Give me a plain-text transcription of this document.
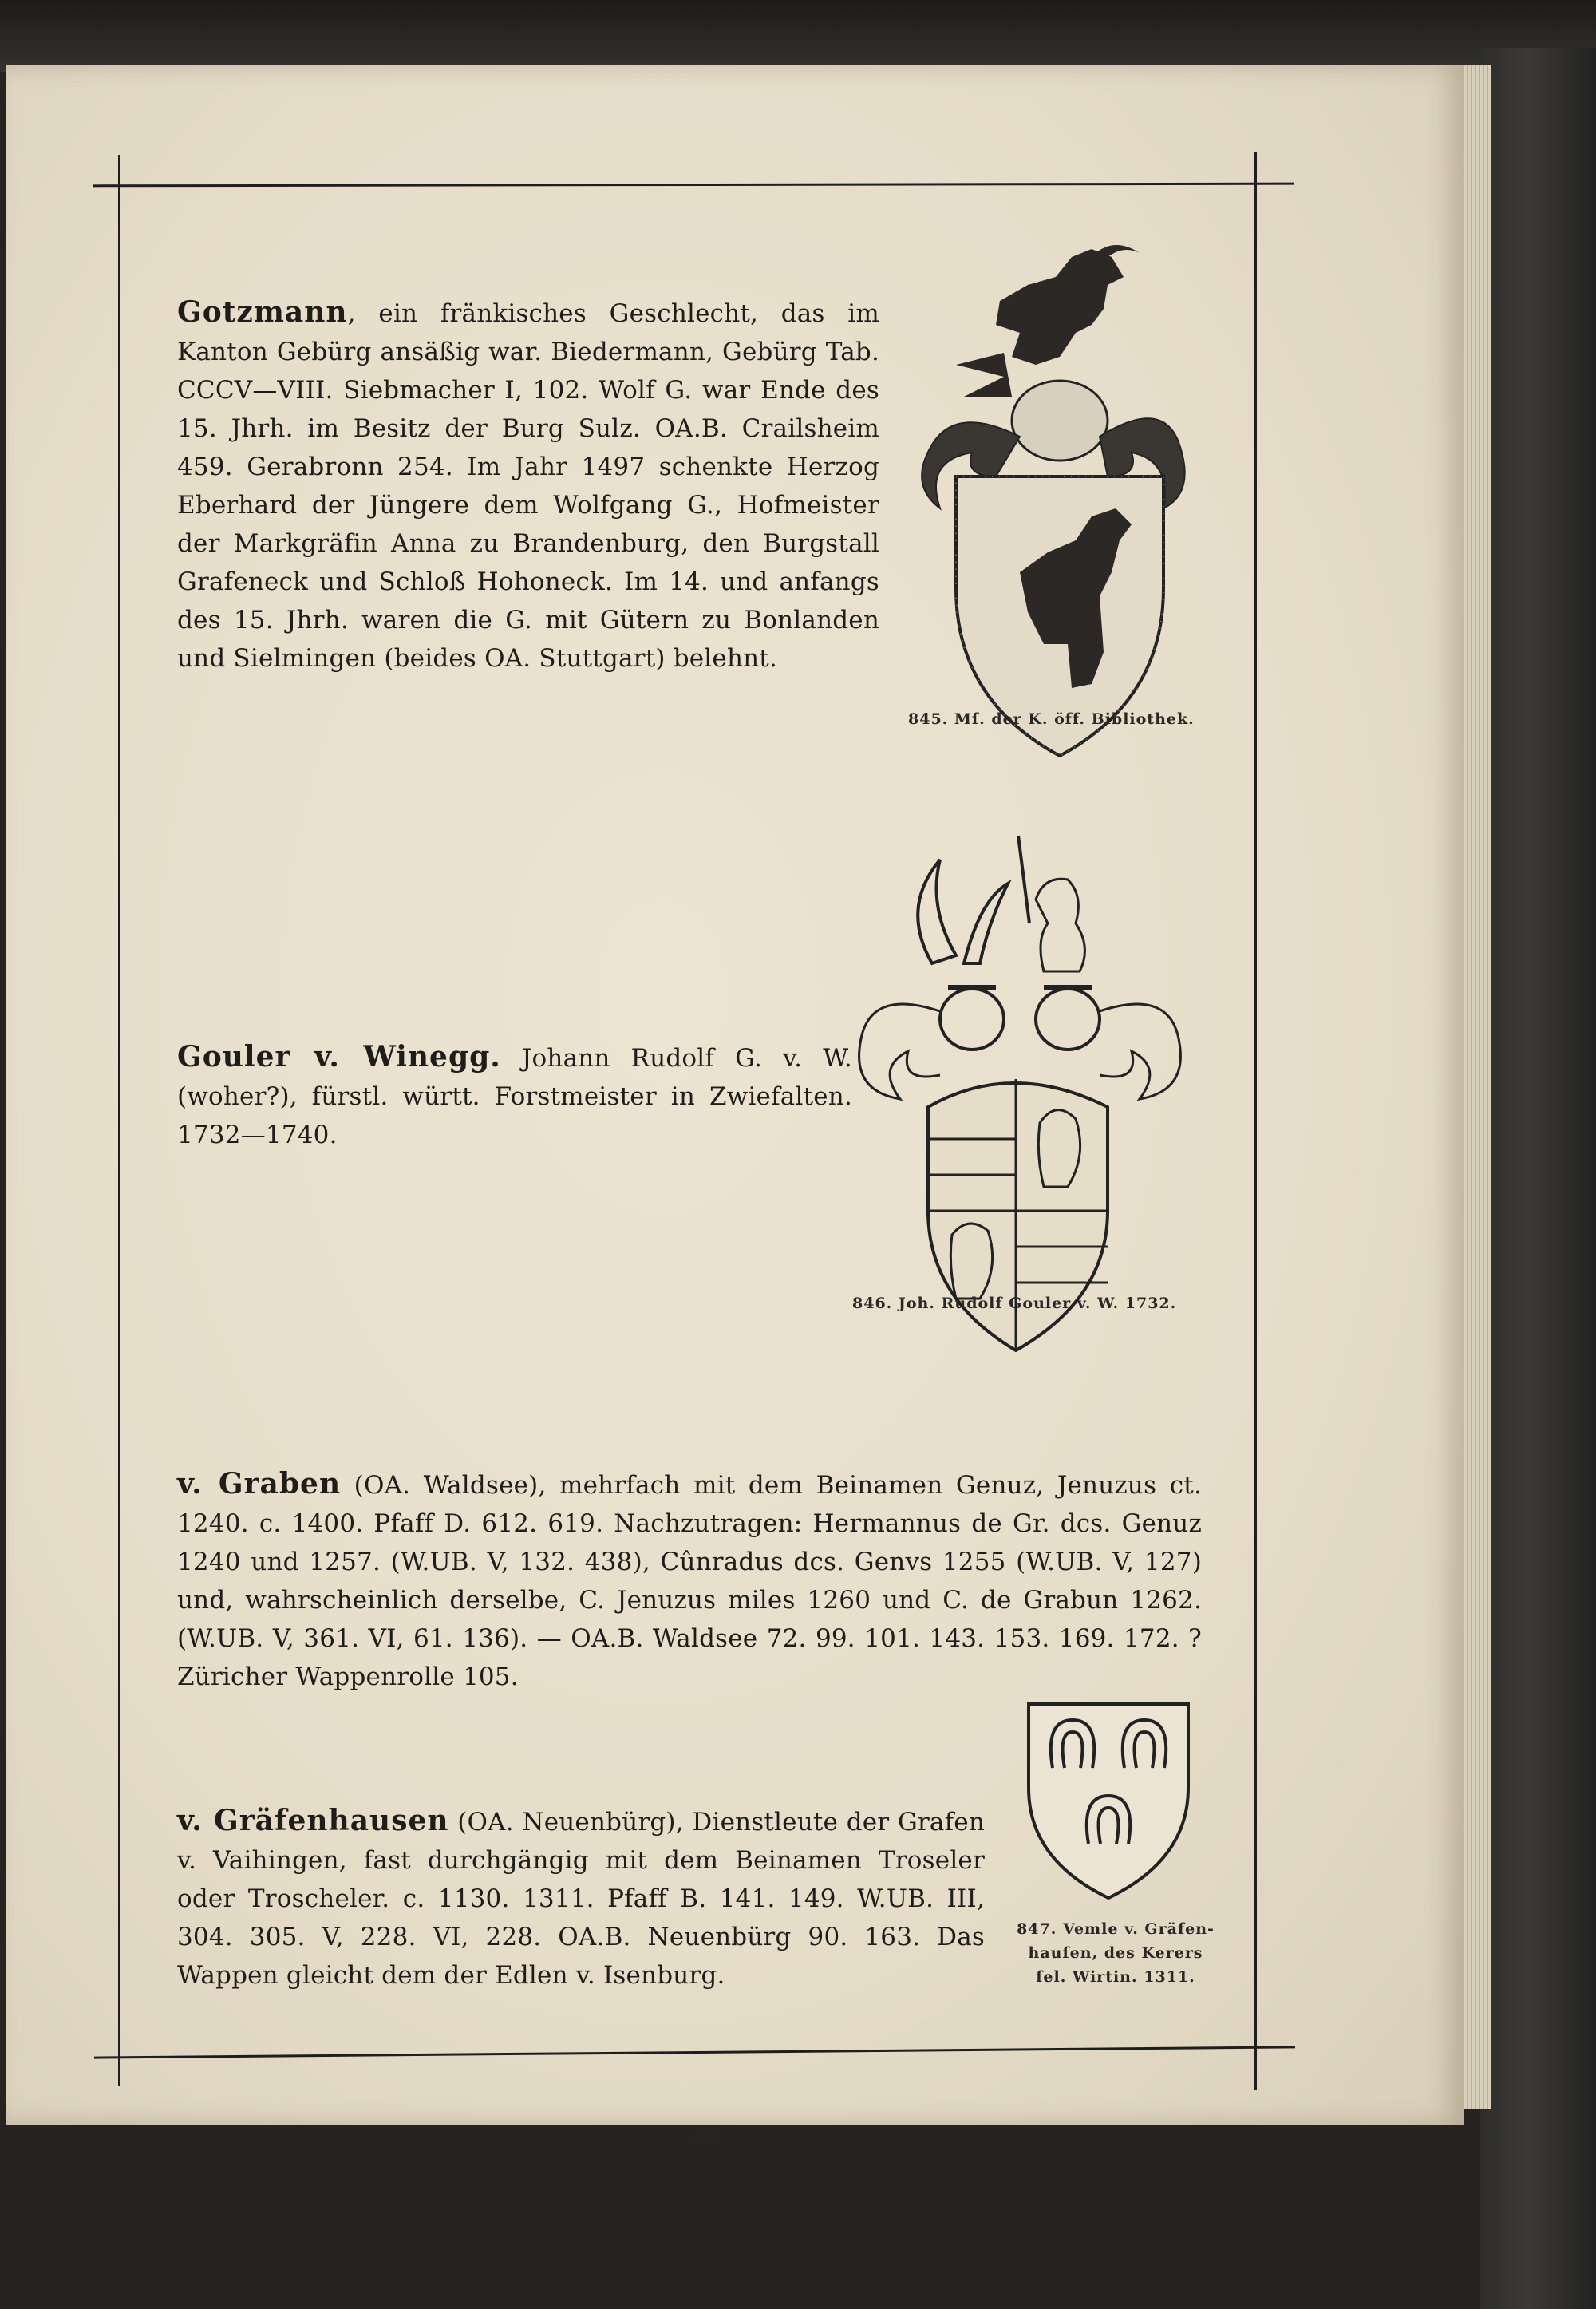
Gotzmann, ein fränkisches Geschlecht, das im Kanton Gebürg ansäßig war. Biedermann, Gebürg Tab. CCCV—VIII. Siebmacher I, 102. Wolf G. war Ende des 15. Jhrh. im Besitz der Burg Sulz. OA.B. Crailsheim 459. Gerabronn 254. Im Jahr 1497 schenkte Herzog Eberhard der Jüngere dem Wolfgang G., Hofmeister der Markgräfin Anna zu Brandenburg, den Burgstall Grafeneck und Schloß Hohoneck. Im 14. und anfangs des 15. Jhrh. waren die G. mit Gütern zu Bonlanden und Sielmingen (beides OA. Stuttgart) belehnt.
845. Mſ. der K. öff. Bibliothek.
Gouler v. Winegg. Johann Rudolf G. v. W. (woher?), fürstl. württ. Forstmeister in Zwiefalten. 1732—1740.
846. Joh. Rudolf Gouler v. W. 1732.
v. Graben (OA. Waldsee), mehrfach mit dem Beinamen Genuz, Jenuzus ct. 1240. c. 1400. Pfaff D. 612. 619. Nachzutragen: Hermannus de Gr. dcs. Genuz 1240 und 1257. (W.UB. V, 132. 438), Cûnradus dcs. Genvs 1255 (W.UB. V, 127) und, wahrscheinlich derselbe, C. Jenuzus miles 1260 und C. de Grabun 1262. (W.UB. V, 361. VI, 61. 136). — OA.B. Waldsee 72. 99. 101. 143. 153. 169. 172. ?Züricher Wappenrolle 105.
v. Gräfenhausen (OA. Neuenbürg), Dienstleute der Grafen v. Vaihingen, fast durchgängig mit dem Beinamen Troseler oder Troscheler. c. 1130. 1311. Pfaff B. 141. 149. W.UB. III, 304. 305. V, 228. VI, 228. OA.B. Neuenbürg 90. 163. Das Wappen gleicht dem der Edlen v. Isenburg.
847. Vemle v. Gräfen-
hauſen, des Kerers
ſel. Wirtin. 1311.
239
